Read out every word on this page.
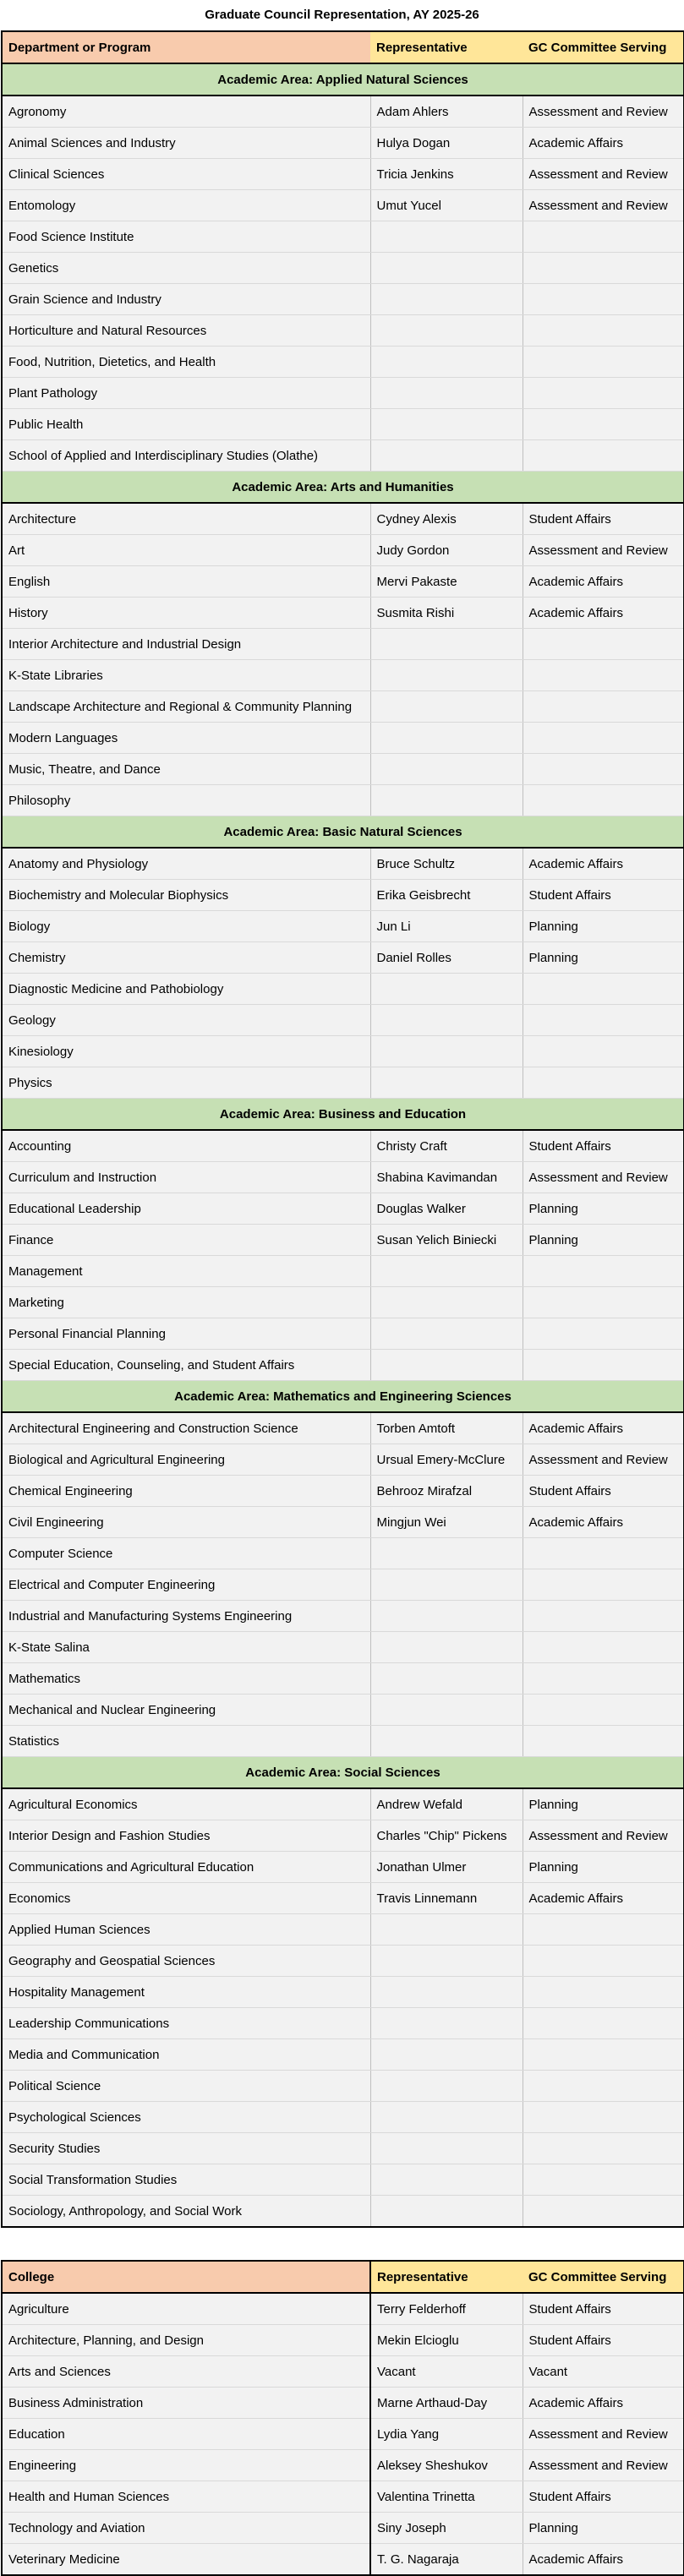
Graduate Council Representation, AY 2025-26
Department or Program	Representative	GC Committee Serving
Academic Area: Applied Natural Sciences		
Agronomy	Adam Ahlers	Assessment and Review
Animal Sciences and Industry	Hulya Dogan	Academic Affairs
Clinical Sciences	Tricia Jenkins	Assessment and Review
Entomology	Umut Yucel	Assessment and Review
Food Science Institute		
Genetics		
Grain Science and Industry		
Horticulture and Natural Resources		
Food, Nutrition, Dietetics, and Health		
Plant Pathology		
Public Health		
School of Applied and Interdisciplinary Studies (Olathe)		
Academic Area: Arts and Humanities		
Architecture	Cydney Alexis	Student Affairs
Art	Judy Gordon	Assessment and Review
English	Mervi Pakaste	Academic Affairs
History	Susmita Rishi	Academic Affairs
Interior Architecture and Industrial Design		
K-State Libraries		
Landscape Architecture and Regional & Community Planning		
Modern Languages		
Music, Theatre, and Dance		
Philosophy		
Academic Area: Basic Natural Sciences		
Anatomy and Physiology	Bruce Schultz	Academic Affairs
Biochemistry and Molecular Biophysics	Erika Geisbrecht	Student Affairs
Biology	Jun Li	Planning
Chemistry	Daniel Rolles	Planning
Diagnostic Medicine and Pathobiology		
Geology		
Kinesiology		
Physics		
Academic Area: Business and Education		
Accounting	Christy Craft	Student Affairs
Curriculum and Instruction	Shabina Kavimandan	Assessment and Review
Educational Leadership	Douglas Walker	Planning
Finance	Susan Yelich Biniecki	Planning
Management		
Marketing		
Personal Financial Planning		
Special Education, Counseling, and Student Affairs		
Academic Area: Mathematics and Engineering Sciences		
Architectural Engineering and Construction Science	Torben Amtoft	Academic Affairs
Biological and Agricultural Engineering	Ursual Emery-McClure	Assessment and Review
Chemical Engineering	Behrooz Mirafzal	Student Affairs
Civil Engineering	Mingjun Wei	Academic Affairs
Computer Science		
Electrical and Computer Engineering		
Industrial and Manufacturing Systems Engineering		
K-State Salina		
Mathematics		
Mechanical and Nuclear Engineering		
Statistics		
Academic Area: Social Sciences		
Agricultural Economics	Andrew Wefald	Planning
Interior Design and Fashion Studies	Charles "Chip" Pickens	Assessment and Review
Communications and Agricultural Education	Jonathan Ulmer	Planning
Economics	Travis Linnemann	Academic Affairs
Applied Human Sciences		
Geography and Geospatial Sciences		
Hospitality Management		
Leadership Communications		
Media and Communication		
Political Science		
Psychological Sciences		
Security Studies		
Social Transformation Studies		
Sociology, Anthropology, and Social Work		
College	Representative	GC Committee Serving
Agriculture	Terry Felderhoff	Student Affairs
Architecture, Planning, and Design	Mekin Elcioglu	Student Affairs
Arts and Sciences	Vacant	Vacant
Business Administration	Marne Arthaud-Day	Academic Affairs
Education	Lydia Yang	Assessment and Review
Engineering	Aleksey Sheshukov	Assessment and Review
Health and Human Sciences	Valentina Trinetta	Student Affairs
Technology and Aviation	Siny Joseph	Planning
Veterinary Medicine	T. G. Nagaraja	Academic Affairs
